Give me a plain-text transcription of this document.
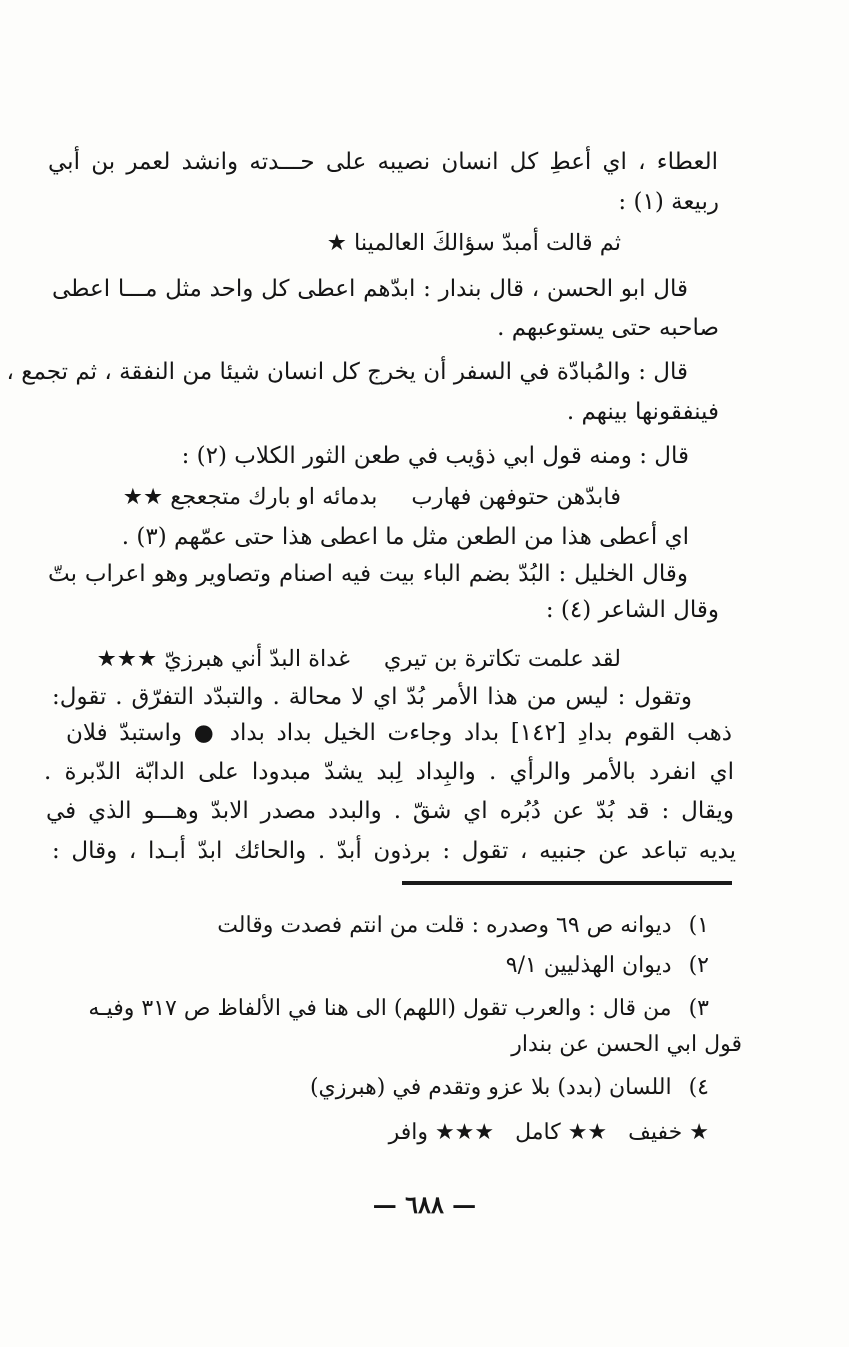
العطاء ، اي أعطِ كل انسان نصيبه على حـــدته وانشد لعمر بن أبي
ربيعة (١) :
ثم قالت أمبدّ سؤالكَ العالمينا ★
قال ابو الحسن ، قال بندار : ابدّهم اعطى كل واحد مثل مـــا اعطى
صاحبه حتى يستوعبهم .
قال : والمُبادّة في السفر أن يخرج كل انسان شيئا من النفقة ، ثم تجمع ،
فينفقونها بينهم .
قال : ومنه قول ابي ذؤيب في طعن الثور الكلاب (٢) :
فابدّهن حتوفهن فهارببدمائه او بارك متجعجع ★★
اي أعطى هذا من الطعن مثل ما اعطى هذا حتى عمّهم (٣) .
وقال الخليل : البُدّ بضم الباء بيت فيه اصنام وتصاوير وهو اعراب بتّ
وقال الشاعر (٤) :
لقد علمت تكاترة بن تيريغداة البدّ أني هبرزيّ ★★★
وتقول : ليس من هذا الأمر بُدّ اي لا محالة . والتبدّد التفرّق . تقول:
ذهب القوم بدادِ [١٤٢] بداد وجاءت الخيل بداد بداد ● واستبدّ فلان
اي انفرد بالأمر والرأي . والبِداد لِبد يشدّ مبدودا على الدابّة الدّبرة .
ويقال : قد بُدّ عن دُبُره اي شقّ . والبدد مصدر الابدّ وهـــو الذي في
يديه تباعد عن جنبيه ، تقول : برذون أبدّ . والحائك ابدّ أبـدا ، وقال :
١) ديوانه ص ٦٩ وصدره : قلت من انتم فصدت وقالت
٢) ديوان الهذليين ٩/١
٣) من قال : والعرب تقول (اللهم) الى هنا في الألفاظ ص ٣١٧ وفيـه
قول ابي الحسن عن بندار
٤) اللسان (بدد) بلا عزو وتقدم في (هبرزي)
★ خفيف   ★★ كامل   ★★★ وافر
— ٦٨٨ —
